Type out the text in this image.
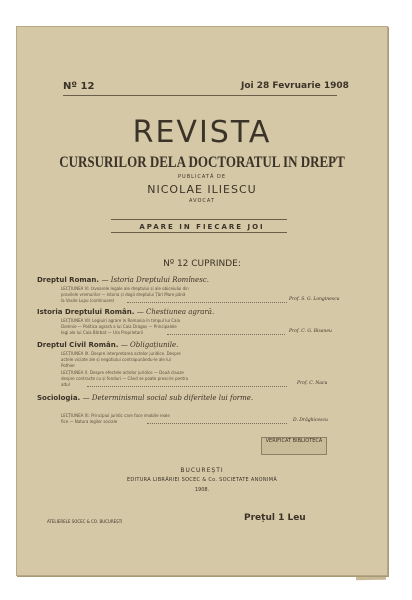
Nº 12	Joi 28 Fevruarie 1908
REVISTA
CURSURILOR DELA DOCTORATUL IN DREPT
PUBLICATĂ DE
NICOLAE ILIESCU
AVOCAT
APARE IN FIECARE JOI
Nº 12 CUPRINDE:
Dreptul Roman. — Istoria Dreptului Romînesc.
LECȚIUNEA VI. Izvoarele legale ale dreptului și ale obiceiului din
pravilele vremurilor — Istoria și dogii dreptului Țări Mare până
la Vasile Lupu (continuare)	Prof. S. G. Longinescu
Istoria Dreptului Român. — Chestiunea agrară.
LECȚIUNEA VII. Legiuiri agrare în Romania în timpul lui Caia
Domnie — Politica agrară a lui Caia Dragoș — Principalele
legi ale lui Caia Bărbat — Ura Proprietarii	Prof. C. G. Bisaneu
Dreptul Civil Român. — Obligațiunile.
LECȚIUNEA IX. Despre interpretarea actelor juridice. Despre
actele viciate ale și negotiului contrapunându-le ale lui
Pothier
LECȚIUNEA X. Despre efectele actelor juridice — Două clauze
despre contracte cu și fonduri — Când se poate prescrie pentru
altul	Prof. C. Nacu
Sociologia. — Determinismul social sub diferitele lui forme.
LECȚIUNEA XI. Principiul juridic care face imobile reale
fice — Natura legilor sociale	D. Drăghicescu
VERIFICAT BIBLIOTECA
BUCUREȘTI
EDITURA LIBRĂRIEI SOCEC & Co. SOCIETATE ANONIMĂ
1908.
ATELIERELE SOCEC & CO. BUCUREȘTI	Prețul 1 Leu
